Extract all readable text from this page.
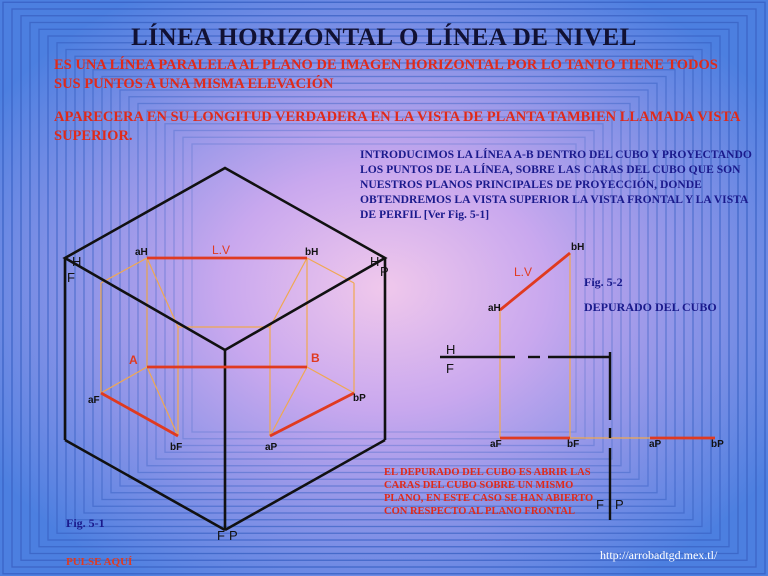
LÍNEA HORIZONTAL O LÍNEA DE NIVEL
ES UNA LÍNEA PARALELA AL PLANO DE IMAGEN HORIZONTAL POR LO TANTO TIENE TODOS SUS PUNTOS A UNA MISMA ELEVACIÓN
APARECERA EN SU LONGITUD VERDADERA EN LA VISTA DE PLANTA TAMBIEN LLAMADA VISTA SUPERIOR.
INTRODUCIMOS LA LÍNEA A-B DENTRO DEL CUBO Y PROYECTANDO LOS PUNTOS DE LA LÍNEA, SOBRE LAS CARAS DEL CUBO QUE SON NUESTROS PLANOS PRINCIPALES DE PROYECCIÓN, DONDE OBTENDREMOS LA VISTA SUPERIOR LA VISTA FRONTAL Y LA VISTA DE PERFIL [Ver Fig. 5-1]
EL DEPURADO DEL CUBO ES ABRIR LAS CARAS DEL CUBO SOBRE UN MISMO PLANO, EN ESTE CASO SE HAN ABIERTO CON RESPECTO AL PLANO FRONTAL
Fig. 5-1
Fig. 5-2
DEPURADO DEL CUBO
PULSE AQUÍ	http://arrobadtgd.mex.tl/
aH	bH
aF
bF	aP
bP
A	B
L.V
H
F
H
P
F P
aH
bH
aF	bF	aP	bP
L.V
H
F
F P
